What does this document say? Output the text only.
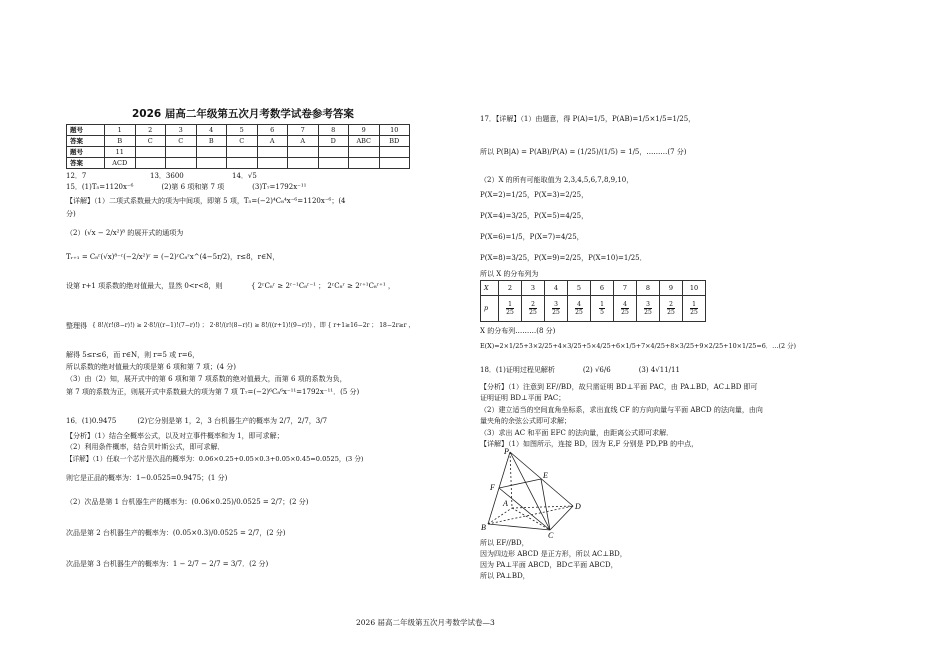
2026 届高二年级第五次月考数学试卷参考答案
题号	1	2	3	4	5	6	7	8	9	10
答案	B	C	C	B	C	A	A	D	ABC	BD
题号	11									
答案	ACD									
12．7	13．3600	14．√5
15．(1)T₅=1120x⁻⁶　　　　(2)第 6 项和第 7 项　　　　(3)T₇=1792x⁻¹¹
【详解】（1）二项式系数最大的项为中间项，即第 5 项，T₅=(−2)⁴C₈⁴x⁻⁶=1120x⁻⁶；(4
分)
（2）(√x − 2/x²)⁸ 的展开式的通项为
Tᵣ₊₁ = C₈ʳ(√x)⁸⁻ʳ(−2/x²)ʳ = (−2)ʳC₈ʳx^(4−5r/2)，r≤8，r∈N，
设第 r+1 项系数的绝对值最大，显然 0<r<8，则	{ 2ʳC₈ʳ ≥ 2ʳ⁻¹C₈ʳ⁻¹ ； 2ʳC₈ʳ ≥ 2ʳ⁺¹C₈ʳ⁺¹ ，
整理得 { 8!/(r!(8−r)!) ≥ 2·8!/((r−1)!(7−r)!) ； 2·8!/(r!(8−r)!) ≥ 8!/((r+1)!(9−r)!) ，即 { r+1≥16−2r ； 18−2r≥r ，
解得 5≤r≤6，而 r∈N，则 r=5 或 r=6，
所以系数的绝对值最大的项是第 6 项和第 7 项；(4 分)
（3）由（2）知，展开式中的第 6 项和第 7 项系数的绝对值最大，而第 6 项的系数为负，
第 7 项的系数为正，则展开式中系数最大的项为第 7 项 T₇=(−2)⁶C₈⁶x⁻¹¹=1792x⁻¹¹．(5 分)
16．(1)0.9475　　　(2)它分别是第 1，2，3 台机器生产的概率为 2/7，2/7，3/7
【分析】（1）结合全概率公式，以及对立事件概率和为 1，即可求解；
（2）利用条件概率，结合贝叶斯公式，即可求解．
【详解】（1）任取一个芯片是次品的概率为：0.06×0.25+0.05×0.3+0.05×0.45=0.0525，(3 分)
则它是正品的概率为：1−0.0525=0.9475；(1 分)
（2）次品是第 1 台机器生产的概率为：(0.06×0.25)/0.0525 = 2/7；(2 分)
次品是第 2 台机器生产的概率为：(0.05×0.3)/0.0525 = 2/7，(2 分)
次品是第 3 台机器生产的概率为：1 − 2/7 − 2/7 = 3/7．(2 分)
17．【详解】（1）由题意，得 P(A)=1/5，P(AB)=1/5×1/5=1/25，
所以 P(B|A) = P(AB)/P(A) = (1/25)/(1/5) = 1/5，………(7 分)
（2）X 的所有可能取值为 2,3,4,5,6,7,8,9,10，
P(X=2)=1/25，P(X=3)=2/25，
P(X=4)=3/25，P(X=5)=4/25，
P(X=6)=1/5，P(X=7)=4/25，
P(X=8)=3/25，P(X=9)=2/25，P(X=10)=1/25．
所以 X 的分布列为
X	2	3	4	5	6	7	8	9	10
p	$\frac{1}{25}$	$\frac{2}{25}$	$\frac{3}{25}$	$\frac{4}{25}$	$\frac{1}{5}$	$\frac{4}{25}$	$\frac{3}{25}$	$\frac{2}{25}$	$\frac{1}{25}$
X 的分布列………(8 分)
E(X)=2×1/25+3×2/25+4×3/25+5×4/25+6×1/5+7×4/25+8×3/25+9×2/25+10×1/25=6．…(2 分)
18．(1)证明过程见解析　　　　(2) √6/6　　　　(3) 4√11/11
【分析】（1）注意到 EF//BD，故只需证明 BD⊥平面 PAC，由 PA⊥BD，AC⊥BD 即可
证明证明 BD⊥平面 PAC；
（2）建立适当的空间直角坐标系，求出直线 CF 的方向向量与平面 ABCD 的法向量，由向
量夹角的余弦公式即可求解；
（3）求出 AC 和平面 EFC 的法向量，由距离公式即可求解．
【详解】（1）如图所示，连接 BD，因为 E,F 分别是 PD,PB 的中点，
P
E
F
A
B
C
D
所以 EF//BD，
因为四边形 ABCD 是正方形，所以 AC⊥BD，
因为 PA⊥平面 ABCD，BD⊂平面 ABCD，
所以 PA⊥BD，
2026 届高二年级第五次月考数学试卷—3
